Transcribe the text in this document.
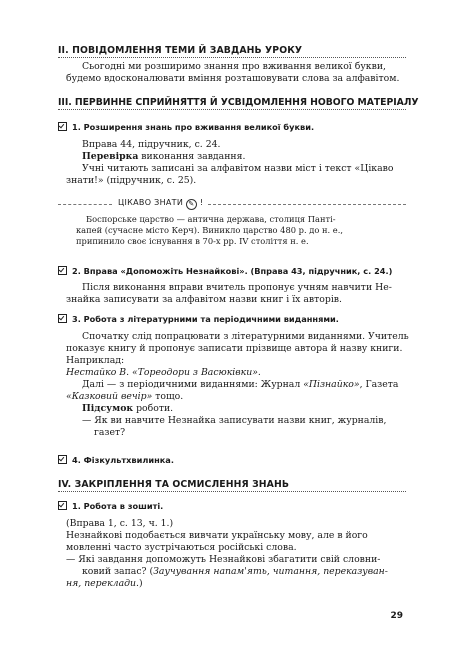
II. ПОВІДОМЛЕННЯ ТЕМИ Й ЗАВДАНЬ УРОКУ
Сьогодні ми розширимо знання про вживання великої букви,
будемо вдосконалювати вміння розташовувати слова за алфавітом.
III. ПЕРВИННЕ СПРИЙНЯТТЯ Й УСВІДОМЛЕННЯ НОВОГО МАТЕРІАЛУ
1. Розширення знань про вживання великої букви.
Вправа 44, підручник, с. 24.
Перевірка виконання завдання.
Учні читають записані за алфавітом назви міст і текст «Цікаво
знати!» (підручник, с. 25).
ЦІКАВО ЗНАТИ ✎ !
Боспорське царство — антична держава, столиця Панті-
капей (сучасне місто Керч). Виникло царство 480 р. до н. е.,
припинило своє існування в 70-х рр. IV століття н. е.
2. Вправа «Допоможіть Незнайкові». (Вправа 43, підручник, с. 24.)
Після виконання вправи вчитель пропонує учням навчити Не-
знайка записувати за алфавітом назви книг і їх авторів.
3. Робота з літературними та періодичними виданнями.
Спочатку слід попрацювати з літературними виданнями. Учитель
показує книгу й пропонує записати прізвище автора й назву книги.
Наприклад:
Нестайко В. «Тореодори з Васюківки».
Далі — з періодичними виданнями: Журнал «Пізнайко», Газета
«Казковий вечір» тощо.
Підсумок роботи.
— Як ви навчите Незнайка записувати назви книг, журналів,
газет?
4. Фізкультхвилинка.
IV. ЗАКРІПЛЕННЯ ТА ОСМИСЛЕННЯ ЗНАНЬ
1. Робота в зошиті.
(Вправа 1, с. 13, ч. 1.)
Незнайкові подобається вивчати українську мову, але в його
мовленні часто зустрічаються російські слова.
— Які завдання допоможуть Незнайкові збагатити свій словни-
ковий запас? (Заучування напам'ять, читання, переказуван-
ня, переклади.)
29
